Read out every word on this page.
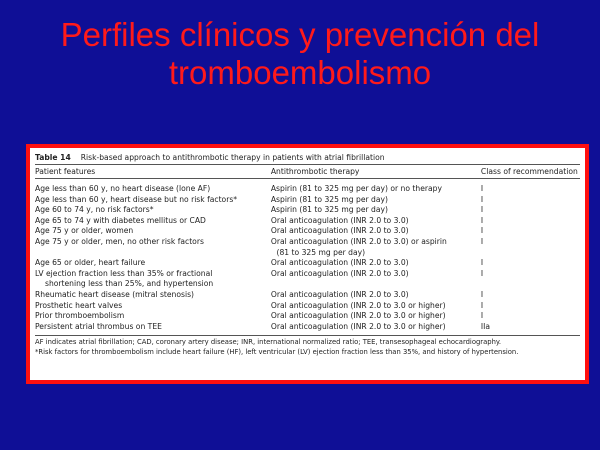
Perfiles clínicos y prevención del
tromboembolismo
Table 14 Risk-based approach to antithrombotic therapy in patients with atrial fibrillation
Patient features	Antithrombotic therapy	Class of recommendation
Age less than 60 y, no heart disease (lone AF)	Aspirin (81 to 325 mg per day) or no therapy	I
Age less than 60 y, heart disease but no risk factors*	Aspirin (81 to 325 mg per day)	I
Age 60 to 74 y, no risk factors*	Aspirin (81 to 325 mg per day)	I
Age 65 to 74 y with diabetes mellitus or CAD	Oral anticoagulation (INR 2.0 to 3.0)	I
Age 75 y or older, women	Oral anticoagulation (INR 2.0 to 3.0)	I
Age 75 y or older, men, no other risk factors	Oral anticoagulation (INR 2.0 to 3.0) or aspirin	I
(81 to 325 mg per day)
Age 65 or older, heart failure	Oral anticoagulation (INR 2.0 to 3.0)	I
LV ejection fraction less than 35% or fractional	Oral anticoagulation (INR 2.0 to 3.0)	I
shortening less than 25%, and hypertension
Rheumatic heart disease (mitral stenosis)	Oral anticoagulation (INR 2.0 to 3.0)	I
Prosthetic heart valves	Oral anticoagulation (INR 2.0 to 3.0 or higher)	I
Prior thromboembolism	Oral anticoagulation (INR 2.0 to 3.0 or higher)	I
Persistent atrial thrombus on TEE	Oral anticoagulation (INR 2.0 to 3.0 or higher)	IIa
AF indicates atrial fibrillation; CAD, coronary artery disease; INR, international normalized ratio; TEE, transesophageal echocardiography.
*Risk factors for thromboembolism include heart failure (HF), left ventricular (LV) ejection fraction less than 35%, and history of hypertension.
